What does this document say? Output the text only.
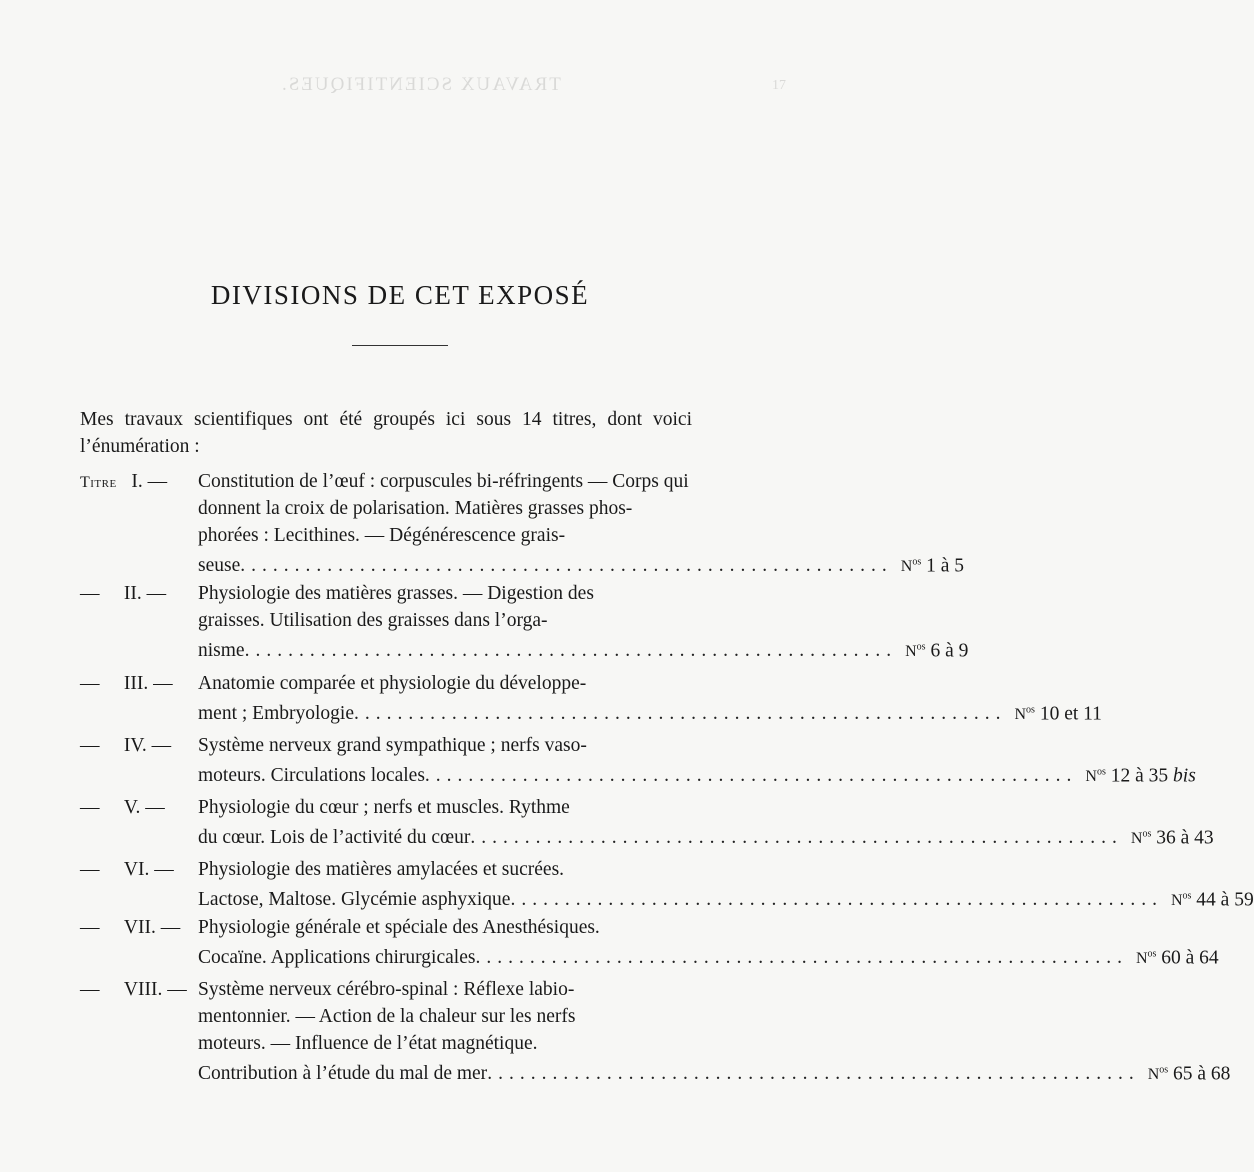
TRAVAUX SCIENTIFIQUES.	17
DIVISIONS DE CET EXPOSÉ

Mes travaux scientifiques ont été groupés ici sous 14 titres, dont voici l’énumération :

Titre   I. — Constitution de l’œuf : corpuscules bi-réfringents — Corps qui
donnent la croix de polarisation. Matières grasses phos-
phorées : Lecithines. — Dégénérescence grais-
seuse ............................................................ $N^{os}$ 1 à 5
—     II. — Physiologie des matières grasses. — Digestion des
graisses. Utilisation des graisses dans l’orga-
nisme ............................................................ $N^{os}$ 6 à 9
—     III. — Anatomie comparée et physiologie du développe-
ment ; Embryologie ............................................................ $N^{os}$ 10 et 11
—     IV. — Système nerveux grand sympathique ; nerfs vaso-
moteurs. Circulations locales ............................................................ $N^{os}$ 12 à 35 bis
—     V. — Physiologie du cœur ; nerfs et muscles. Rythme
du cœur. Lois de l’activité du cœur ............................................................ $N^{os}$ 36 à 43
—     VI. — Physiologie des matières amylacées et sucrées.
Lactose, Maltose. Glycémie asphyxique ............................................................ $N^{os}$ 44 à 59
—     VII. — Physiologie générale et spéciale des Anesthésiques.
Cocaïne. Applications chirurgicales ............................................................ $N^{os}$ 60 à 64
—     VIII. — Système nerveux cérébro-spinal : Réflexe labio-
mentonnier. — Action de la chaleur sur les nerfs
moteurs. — Influence de l’état magnétique.
Contribution à l’étude du mal de mer ............................................................ $N^{os}$ 65 à 68
